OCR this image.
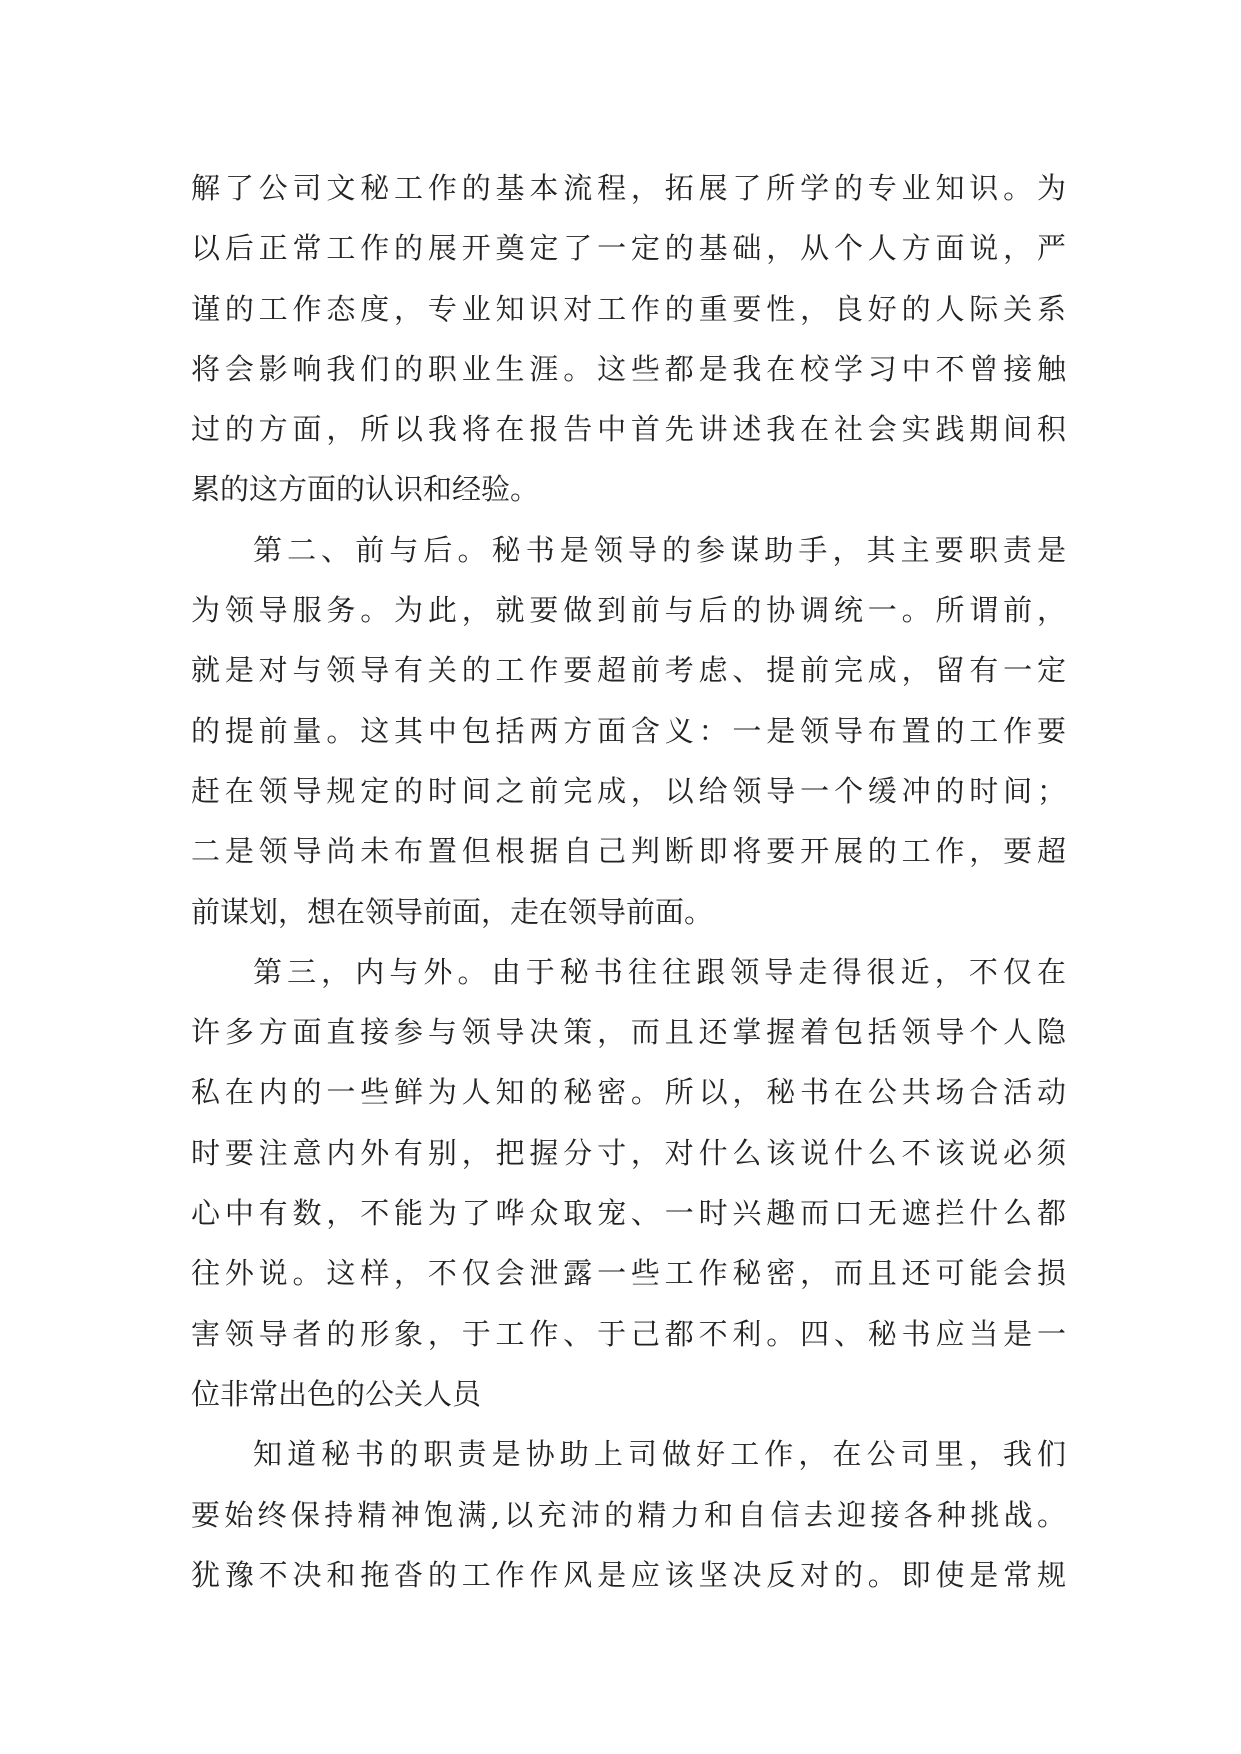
解了公司文秘工作的基本流程，拓展了所学的专业知识。为
以后正常工作的展开奠定了一定的基础，从个人方面说，严
谨的工作态度，专业知识对工作的重要性，良好的人际关系
将会影响我们的职业生涯。这些都是我在校学习中不曾接触
过的方面，所以我将在报告中首先讲述我在社会实践期间积
累的这方面的认识和经验。
第二、前与后。秘书是领导的参谋助手，其主要职责是
为领导服务。为此，就要做到前与后的协调统一。所谓前，
就是对与领导有关的工作要超前考虑、提前完成，留有一定
的提前量。这其中包括两方面含义：一是领导布置的工作要
赶在领导规定的时间之前完成，以给领导一个缓冲的时间；
二是领导尚未布置但根据自己判断即将要开展的工作，要超
前谋划，想在领导前面，走在领导前面。
第三，内与外。由于秘书往往跟领导走得很近，不仅在
许多方面直接参与领导决策，而且还掌握着包括领导个人隐
私在内的一些鲜为人知的秘密。所以，秘书在公共场合活动
时要注意内外有别，把握分寸，对什么该说什么不该说必须
心中有数，不能为了哗众取宠、一时兴趣而口无遮拦什么都
往外说。这样，不仅会泄露一些工作秘密，而且还可能会损
害领导者的形象，于工作、于己都不利。四、秘书应当是一
位非常出色的公关人员
知道秘书的职责是协助上司做好工作，在公司里，我们
要始终保持精神饱满,以充沛的精力和自信去迎接各种挑战。
犹豫不决和拖沓的工作作风是应该坚决反对的。即使是常规
